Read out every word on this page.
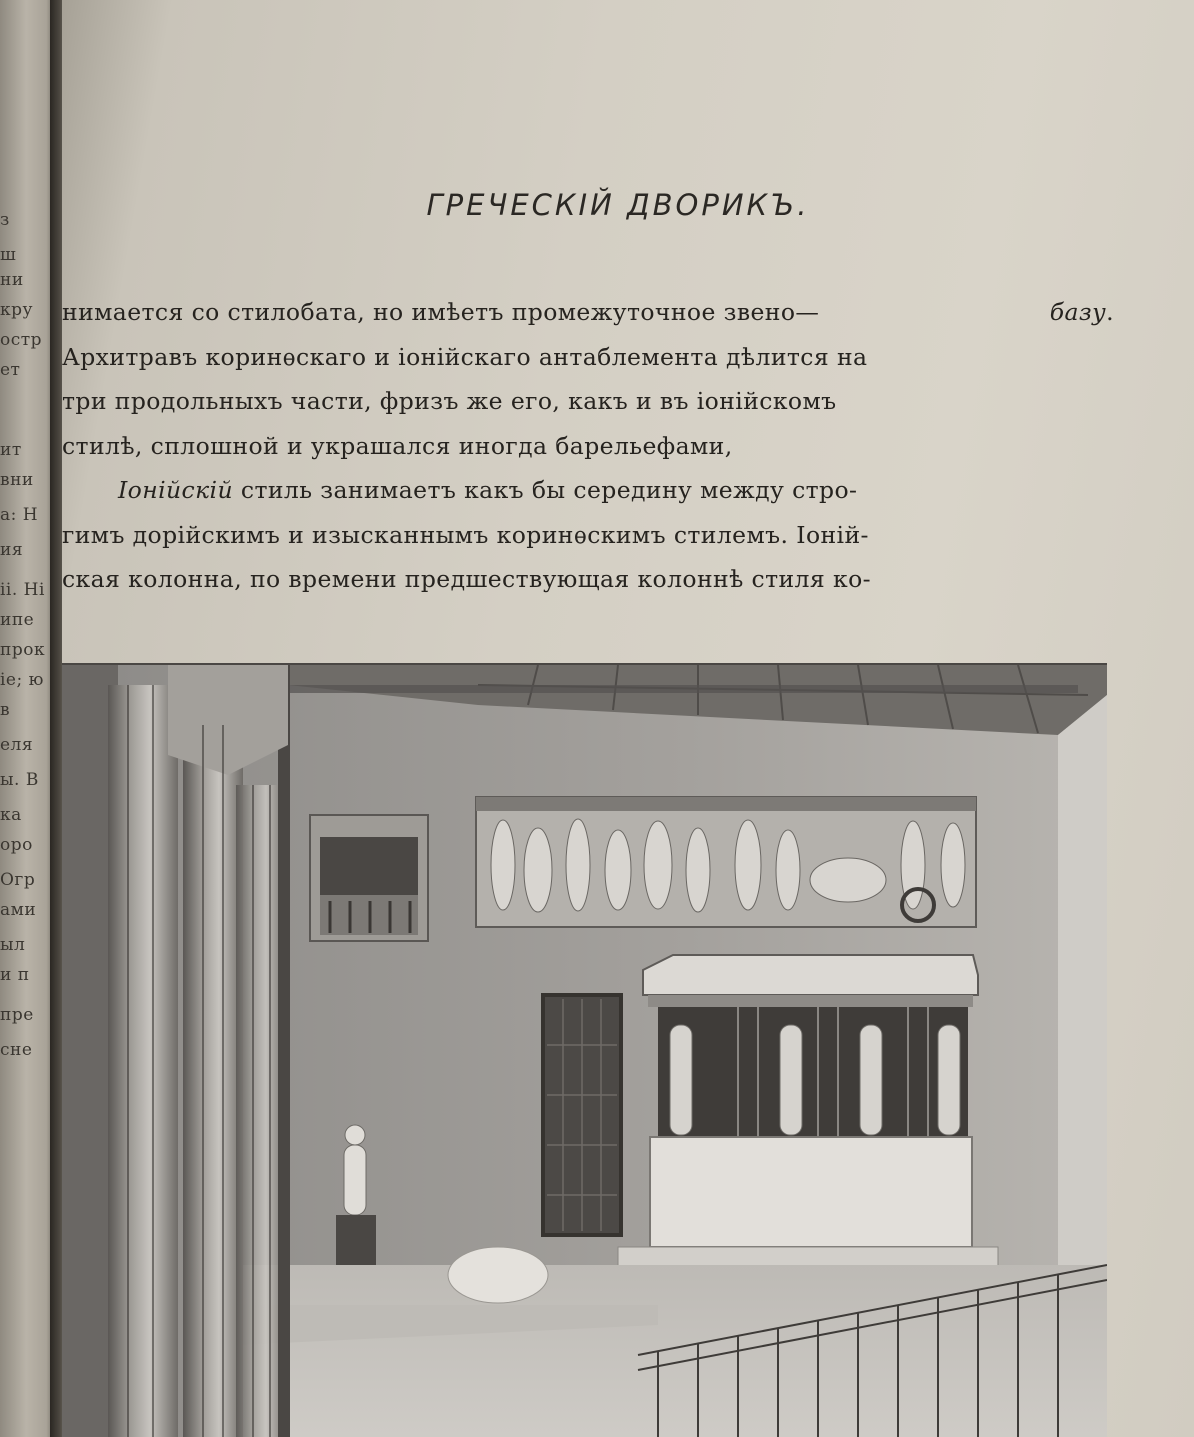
з
ш
ни
кру
остр
ет
ит
вни
а: Н
ия
ii. Нi
ипе
прок
ie; ю
в
еля
ы. В
ка
оро
Огр
ами
ыл
и п
пре
сне
ГРЕЧЕСКІЙ ДВОРИКЪ.
нимается со стилобата, но имѣетъ промежуточное звено—	базу.
Архитравъ коринѳскаго и іонійскаго антаблемента дѣлится на
три продольныхъ части, фризъ же его, какъ и въ іонійскомъ
стилѣ, сплошной и украшался иногда барельефами,
Іонійскій стиль занимаетъ какъ бы середину между стро-
гимъ дорійскимъ и изысканнымъ коринѳскимъ стилемъ. Іоній-
ская колонна, по времени предшествующая колоннѣ стиля ко-
